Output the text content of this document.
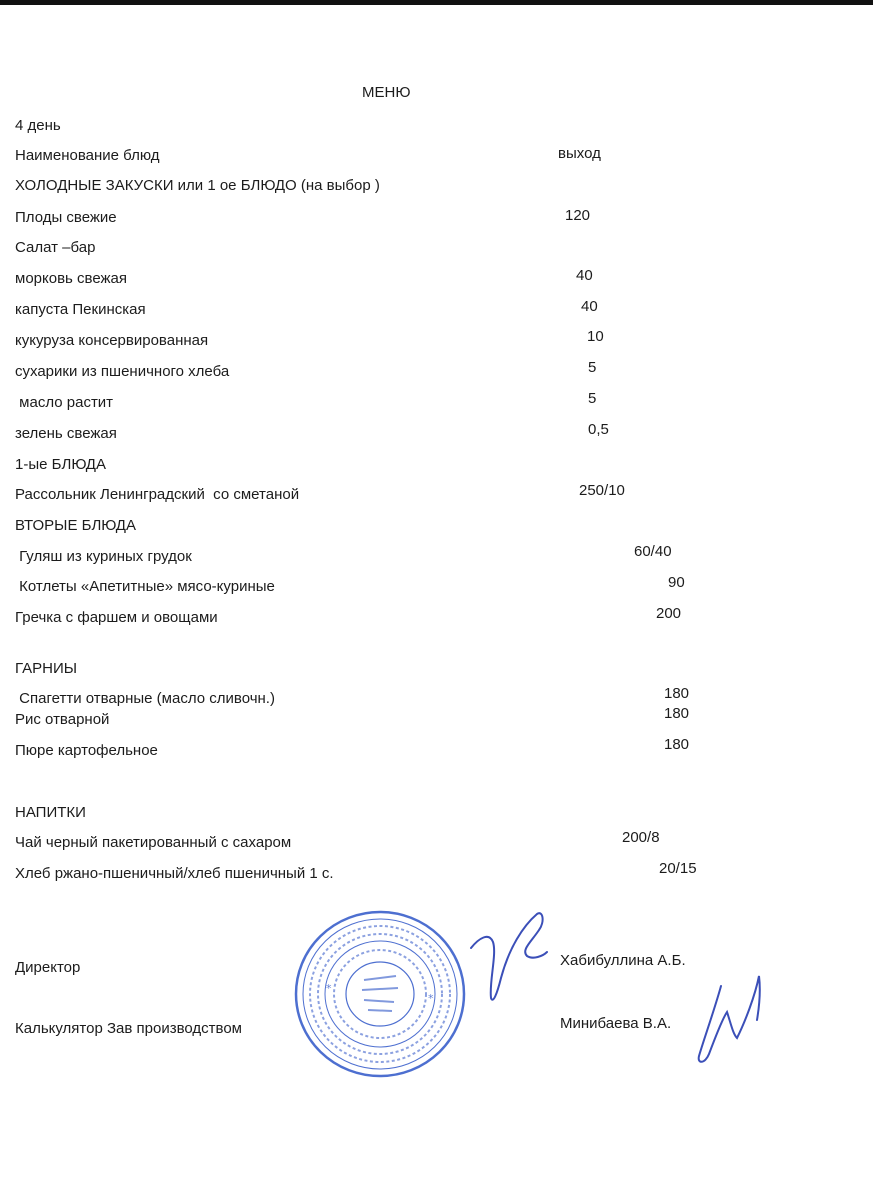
МЕНЮ
4 день
Наименование блюд	выход
ХОЛОДНЫЕ ЗАКУСКИ или 1 ое БЛЮДО (на выбор )
Плоды свежие	120
Салат –бар
морковь свежая	40
капуста Пекинская	40
кукуруза консервированная	10
сухарики из пшеничного хлеба	5
масло растит	5
зелень свежая	0,5
1-ые БЛЮДА
Рассольник Ленинградский  со сметаной	250/10
ВТОРЫЕ БЛЮДА
Гуляш из куриных грудок	60/40
Котлеты «Апетитные» мясо-куриные	90
Гречка с фаршем и овощами	200
ГАРНИЫ
Спагетти отварные (масло сливочн.)	180
Рис отварной	180
Пюре картофельное	180
НАПИТКИ
Чай черный пакетированный с сахаром	200/8
Хлеб ржано-пшеничный/хлеб пшеничный 1 с.	20/15
Директор	Хабибуллина А.Б.
Калькулятор Зав производством	Минибаева В.А.
*
*
